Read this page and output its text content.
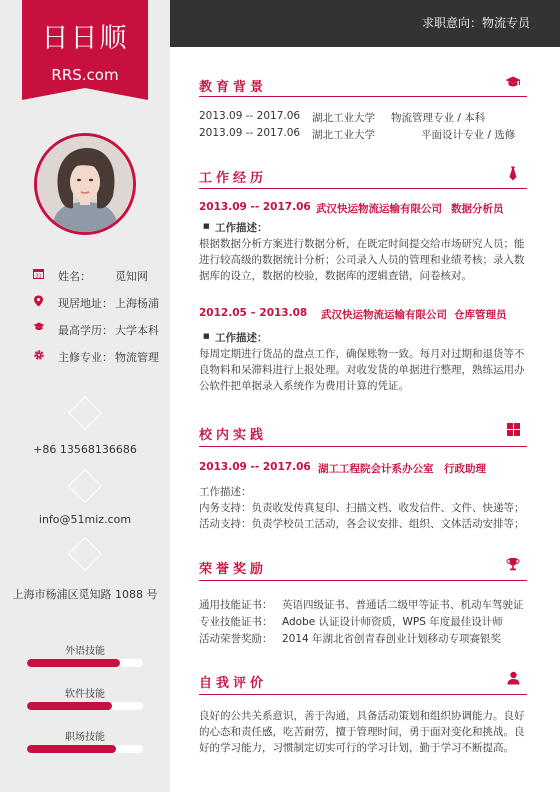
求职意向：物流专员
日日顺
RRS.com
31 姓名： 觅知网
现居地址： 上海杨浦
最高学历： 大学本科
主修专业： 物流管理
+86 13568136686
info@51miz.com
上海市杨浦区觅知路 1088 号
外语技能
软件技能
职场技能
教育背景
2013.09 -- 2017.06 湖北工业大学 物流管理专业 / 本科
2013.09 -- 2017.06 湖北工业大学	平面设计专业 / 选修
工作经历
2013.09 -- 2017.06 武汉快运物流运输有限公司 数据分析员
■ 工作描述：
根据数据分析方案进行数据分析，在既定时间提交给市场研究人员；能进行较高级的数据统计分析；公司录入人员的管理和业绩考核；录入数据库的设立，数据的校验，数据库的逻辑查错，问卷核对。
2012.05 – 2013.08 武汉快运物流运输有限公司 仓库管理员
■ 工作描述：
每周定期进行货品的盘点工作，确保账物一致。每月对过期和退货等不良物料和呆滞料进行上报处理。对收发货的单据进行整理，熟练运用办公软件把单据录入系统作为费用计算的凭证。
校内实践
2013.09 -- 2017.06 湖工工程院会计系办公室 行政助理
工作描述：
内务支持：负责收发传真复印、扫描文档、收发信件、文件、快递等；
活动支持：负责学校员工活动，各会议安排、组织、文体活动安排等；
荣誉奖励
通用技能证书： 英语四级证书、普通话二级甲等证书、机动车驾驶证
专业技能证书： Adobe 认证设计师资质，WPS 年度最佳设计师
活动荣誉奖励： 2014 年湖北省创青春创业计划移动专项赛银奖
自我评价
良好的公共关系意识，善于沟通，具备活动策划和组织协调能力。良好的心态和责任感，吃苦耐劳，擅于管理时间，勇于面对变化和挑战。良好的学习能力，习惯制定切实可行的学习计划，勤于学习不断提高。
